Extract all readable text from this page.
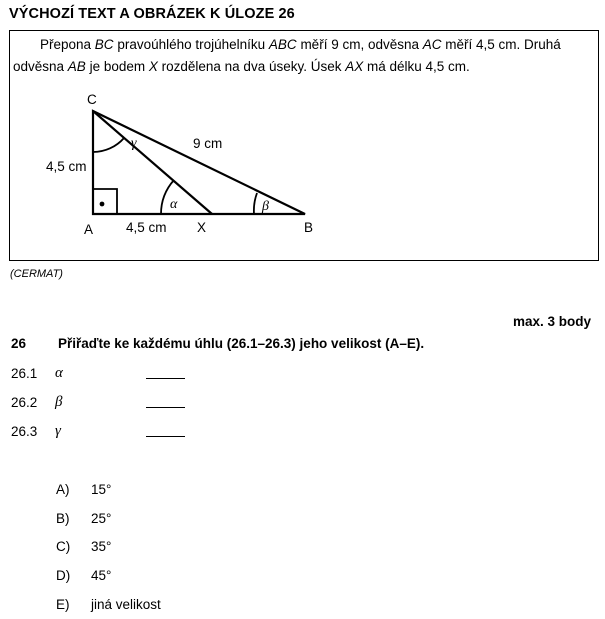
VÝCHOZÍ TEXT A OBRÁZEK K ÚLOZE 26
Přepona BC pravoúhlého trojúhelníku ABC měří 9 cm, odvěsna AC měří 4,5 cm. Druhá
odvěsna AB je bodem X rozdělena na dva úseky. Úsek AX má délku 4,5 cm.
C
A	X	B
4,5 cm
4,5 cm
9 cm
γ
α	β
(CERMAT)
max. 3 body
26 Přiřaďte ke každému úhlu (26.1–26.3) jeho velikost (A–E).
26.1 α
26.2 β
26.3 γ
A) 15°
B) 25°
C) 35°
D) 45°
E) jiná velikost
